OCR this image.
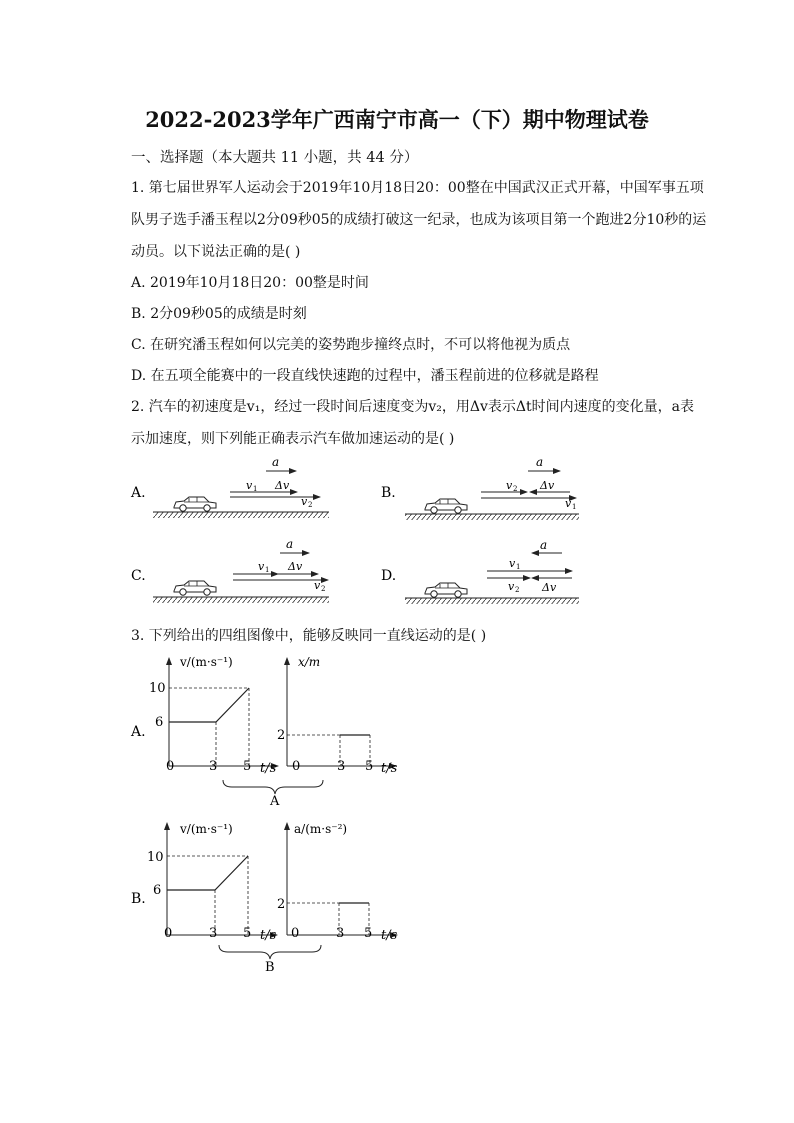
2022-2023学年广西南宁市高一（下）期中物理试卷
一、选择题（本大题共 11 小题，共 44 分）
1. 第七届世界军人运动会于2019年10月18日20：00整在中国武汉正式开幕，中国军事五项
队男子选手潘玉程以2分09秒05的成绩打破这一纪录，也成为该项目第一个跑进2分10秒的运
动员。以下说法正确的是( )
A. 2019年10月18日20：00整是时间
B. 2分09秒05的成绩是时刻
C. 在研究潘玉程如何以完美的姿势跑步撞终点时，不可以将他视为质点
D. 在五项全能赛中的一段直线快速跑的过程中，潘玉程前进的位移就是路程
2. 汽车的初速度是v₁，经过一段时间后速度变为v₂，用Δv表示Δt时间内速度的变化量，a表
示加速度，则下列能正确表示汽车做加速运动的是( )
A.
a
v 1 Δv
v 2
B.
a
v 2 Δv
v 1
C.
a
v 1 Δv
v 2
D.
a
v 1
v 2 Δv
A.
v/(m·s⁻¹)
10
6
0	3 5 t/s
x/m
2
0	3 5 t/s
A
B.
v/(m·s⁻¹)
10
6
0	3 5 t/s
a/(m·s⁻²)
2
0	3 5 t/s
B
3. 下列给出的四组图像中，能够反映同一直线运动的是( )
